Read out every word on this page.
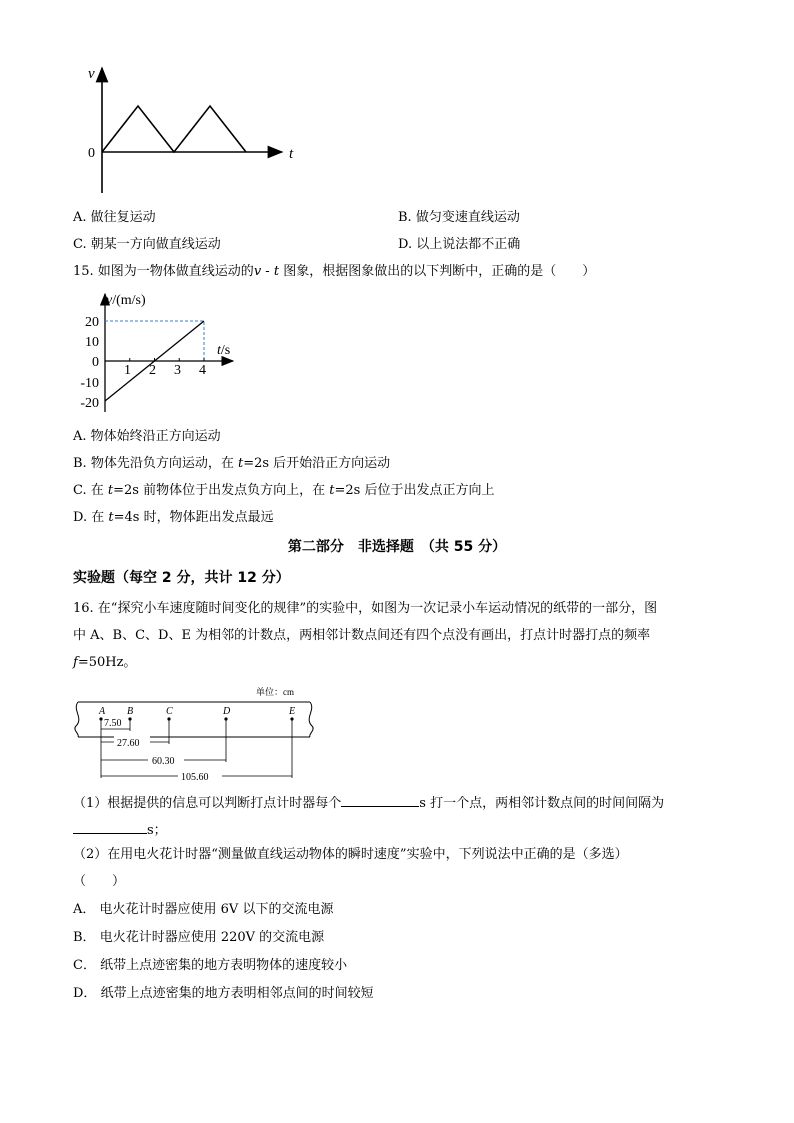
v
t
0
A. 做往复运动	B. 做匀变速直线运动
C. 朝某一方向做直线运动	D. 以上说法都不正确
15. 如图为一物体做直线运动的v - t 图象，根据图象做出的以下判断中，正确的是（　　）
v/(m/s)
t/s
20
10
0
-10
-20
1 2 3 4
A. 物体始终沿正方向运动
B. 物体先沿负方向运动，在 t=2s 后开始沿正方向运动
C. 在 t=2s 前物体位于出发点负方向上，在 t=2s 后位于出发点正方向上
D. 在 t=4s 时，物体距出发点最远
第二部分　非选择题　（共 55 分）
实验题（每空 2 分，共计 12 分）
16. 在“探究小车速度随时间变化的规律”的实验中，如图为一次记录小车运动情况的纸带的一部分，图
中 A、B、C、D、E 为相邻的计数点，两相邻计数点间还有四个点没有画出，打点计时器打点的频率
f=50Hz。
单位：cm
A B	C	D	E
7.50
27.60
60.30
105.60
（1）根据提供的信息可以判断打点计时器每个	s 打一个点，两相邻计数点间的时间间隔为
s；
（2）在用电火花计时器“测量做直线运动物体的瞬时速度”实验中，下列说法中正确的是（多选）
（　　）
A． 电火花计时器应使用 6V 以下的交流电源
B． 电火花计时器应使用 220V 的交流电源
C． 纸带上点迹密集的地方表明物体的速度较小
D． 纸带上点迹密集的地方表明相邻点间的时间较短
